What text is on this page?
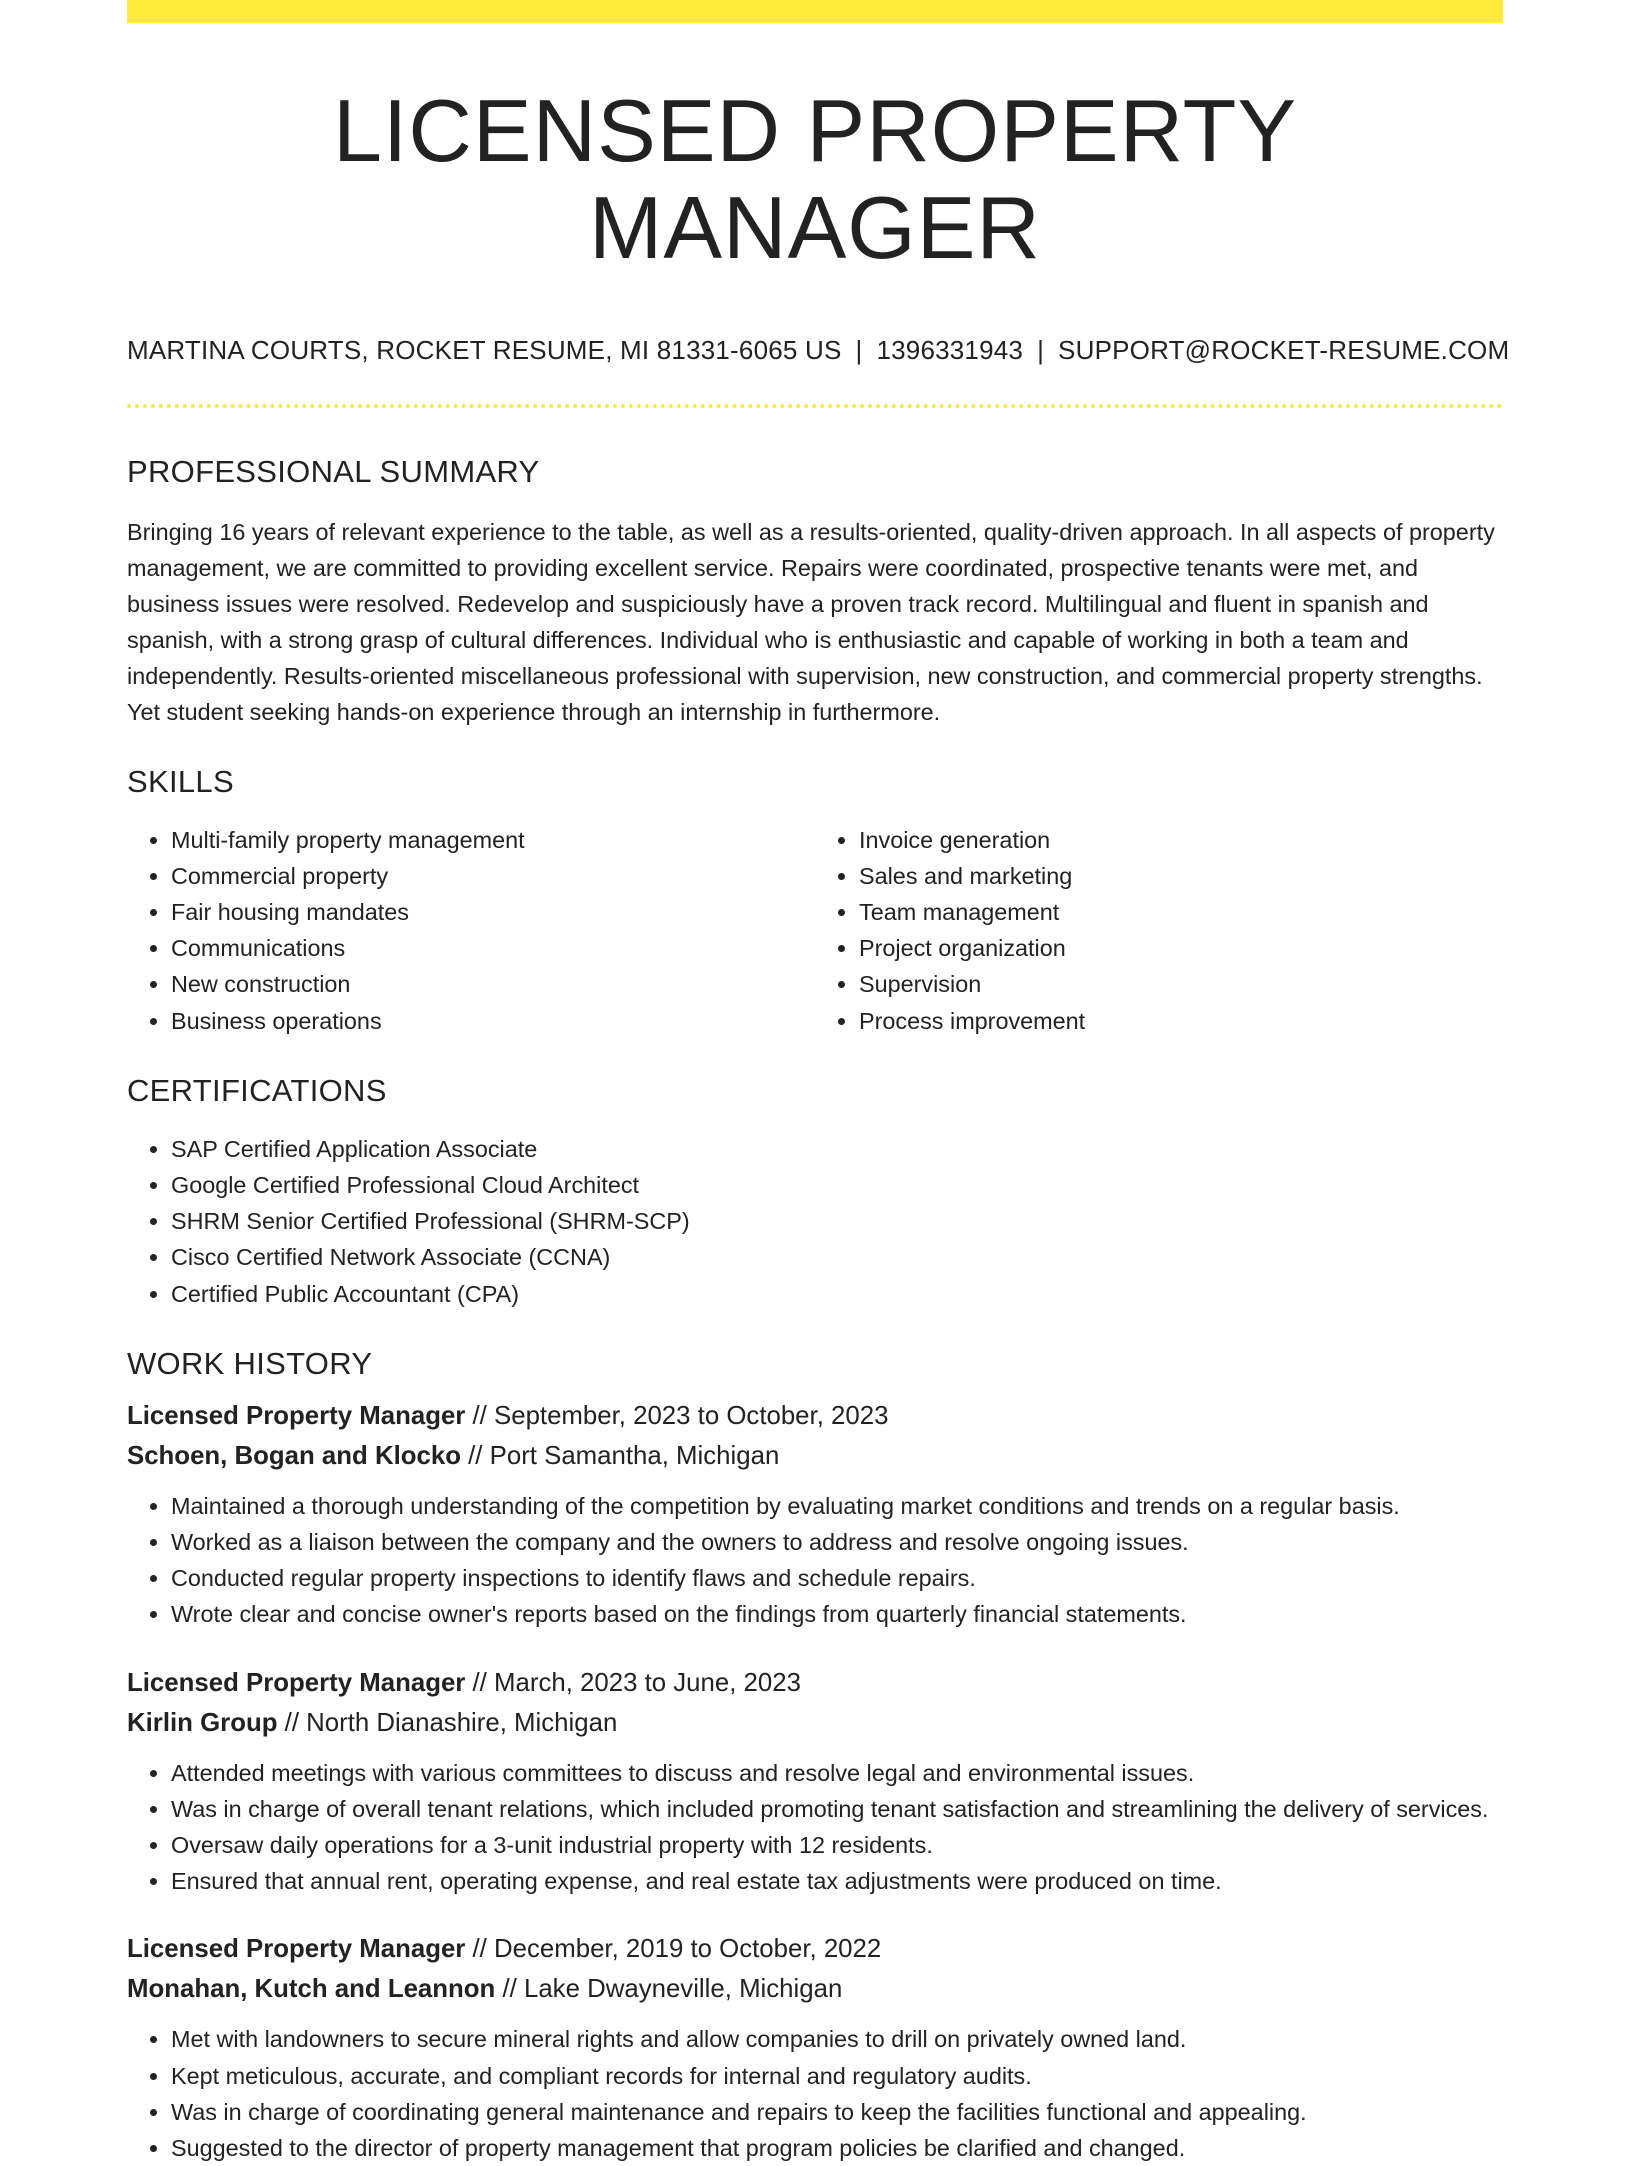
LICENSED PROPERTY MANAGER
MARTINA COURTS, ROCKET RESUME, MI 81331-6065 US | 1396331943 | SUPPORT@ROCKET-RESUME.COM
PROFESSIONAL SUMMARY

Bringing 16 years of relevant experience to the table, as well as a results-oriented, quality-driven approach. In all aspects of property management, we are committed to providing excellent service. Repairs were coordinated, prospective tenants were met, and business issues were resolved. Redevelop and suspiciously have a proven track record. Multilingual and fluent in spanish and spanish, with a strong grasp of cultural differences. Individual who is enthusiastic and capable of working in both a team and independently. Results-oriented miscellaneous professional with supervision, new construction, and commercial property strengths. Yet student seeking hands-on experience through an internship in furthermore.

SKILLS
• Multi-family property management
• Commercial property
• Fair housing mandates
• Communications
• New construction
• Business operations
• Invoice generation
• Sales and marketing
• Team management
• Project organization
• Supervision
• Process improvement
CERTIFICATIONS
• SAP Certified Application Associate
• Google Certified Professional Cloud Architect
• SHRM Senior Certified Professional (SHRM-SCP)
• Cisco Certified Network Associate (CCNA)
• Certified Public Accountant (CPA)
WORK HISTORY
Licensed Property Manager // September, 2023 to October, 2023
Schoen, Bogan and Klocko // Port Samantha, Michigan
• Maintained a thorough understanding of the competition by evaluating market conditions and trends on a regular basis.
• Worked as a liaison between the company and the owners to address and resolve ongoing issues.
• Conducted regular property inspections to identify flaws and schedule repairs.
• Wrote clear and concise owner's reports based on the findings from quarterly financial statements.
Licensed Property Manager // March, 2023 to June, 2023
Kirlin Group // North Dianashire, Michigan
• Attended meetings with various committees to discuss and resolve legal and environmental issues.
• Was in charge of overall tenant relations, which included promoting tenant satisfaction and streamlining the delivery of services.
• Oversaw daily operations for a 3-unit industrial property with 12 residents.
• Ensured that annual rent, operating expense, and real estate tax adjustments were produced on time.
Licensed Property Manager // December, 2019 to October, 2022
Monahan, Kutch and Leannon // Lake Dwayneville, Michigan
• Met with landowners to secure mineral rights and allow companies to drill on privately owned land.
• Kept meticulous, accurate, and compliant records for internal and regulatory audits.
• Was in charge of coordinating general maintenance and repairs to keep the facilities functional and appealing.
• Suggested to the director of property management that program policies be clarified and changed.
